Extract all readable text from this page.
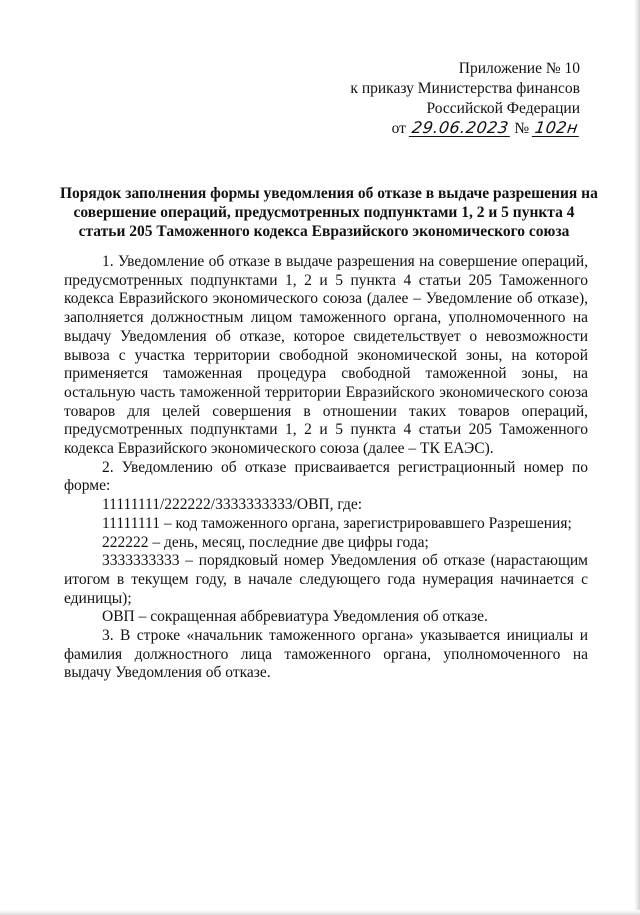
Приложение № 10
к приказу Министерства финансов
Российской Федерации
от 29.06.2023 № 102н
Порядок заполнения формы уведомления об отказе в выдаче разрешения на
совершение операций, предусмотренных подпунктами 1, 2 и 5 пункта 4
статьи 205 Таможенного кодекса Евразийского экономического союза

1. Уведомление об отказе в выдаче разрешения на совершение операций, предусмотренных подпунктами 1, 2 и 5 пункта 4 статьи 205 Таможенного кодекса Евразийского экономического союза (далее – Уведомление об отказе), заполняется должностным лицом таможенного органа, уполномоченного на выдачу Уведомления об отказе, которое свидетельствует о невозможности вывоза с участка территории свободной экономической зоны, на которой применяется таможенная процедура свободной таможенной зоны, на остальную часть таможенной территории Евразийского экономического союза товаров для целей совершения в отношении таких товаров операций, предусмотренных подпунктами 1, 2 и 5 пункта 4 статьи 205 Таможенного кодекса Евразийского экономического союза (далее – ТК ЕАЭС).

2. Уведомлению об отказе присваивается регистрационный номер по форме:

11111111/222222/3333333333/ОВП, где:

11111111 – код таможенного органа, зарегистрировавшего Разрешения;

222222 – день, месяц, последние две цифры года;

3333333333 – порядковый номер Уведомления об отказе (нарастающим итогом в текущем году, в начале следующего года нумерация начинается с единицы);

ОВП – сокращенная аббревиатура Уведомления об отказе.

3. В строке «начальник таможенного органа» указывается инициалы и фамилия должностного лица таможенного органа, уполномоченного на выдачу Уведомления об отказе.
